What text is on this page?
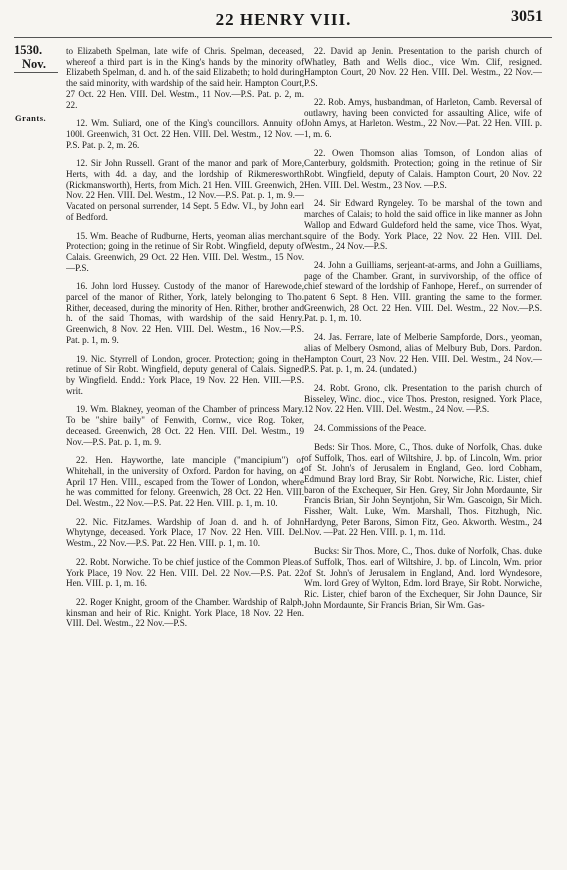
22 HENRY VIII.	3051
1530.
Nov.
Grants.

to Elizabeth Spelman, late wife of Chris. Spelman, deceased, whereof a third part is in the King's hands by the minority of Elizabeth Spelman, d. and h. of the said Elizabeth; to hold during the said minority, with wardship of the said heir. Hampton Court, 27 Oct. 22 Hen. VIII. Del. Westm., 11 Nov.—P.S. Pat. p. 2, m. 22.

12. Wm. Suliard, one of the King's councillors. Annuity of 100l. Greenwich, 31 Oct. 22 Hen. VIII. Del. Westm., 12 Nov. —P.S. Pat. p. 2, m. 26.

12. Sir John Russell. Grant of the manor and park of More, Herts, with 4d. a day, and the lordship of Rikmeresworth (Rickmansworth), Herts, from Mich. 21 Hen. VIII. Greenwich, 2 Nov. 22 Hen. VIII. Del. Westm., 12 Nov.—P.S. Pat. p. 1, m. 9.—Vacated on personal surrender, 14 Sept. 5 Edw. VI., by John earl of Bedford.

15. Wm. Beache of Rudburne, Herts, yeoman alias merchant. Protection; going in the retinue of Sir Robt. Wingfield, deputy of Calais. Greenwich, 29 Oct. 22 Hen. VIII. Del. Westm., 15 Nov.—P.S.

16. John lord Hussey. Custody of the manor of Harewode, parcel of the manor of Rither, York, lately belonging to Tho. Rither, deceased, during the minority of Hen. Rither, brother and h. of the said Thomas, with wardship of the said Henry. Greenwich, 8 Nov. 22 Hen. VIII. Del. Westm., 16 Nov.—P.S. Pat. p. 1, m. 9.

19. Nic. Styrrell of London, grocer. Protection; going in the retinue of Sir Robt. Wingfield, deputy general of Calais. Signed by Wingfield. Endd.: York Place, 19 Nov. 22 Hen. VIII.—P.S. writ.

19. Wm. Blakney, yeoman of the Chamber of princess Mary. To be "shire baily" of Fenwith, Cornw., vice Rog. Toker, deceased. Greenwich, 28 Oct. 22 Hen. VIII. Del. Westm., 19 Nov.—P.S. Pat. p. 1, m. 9.

22. Hen. Hayworthe, late manciple ("mancipium") of Whitehall, in the university of Oxford. Pardon for having, on 4 April 17 Hen. VIII., escaped from the Tower of London, where he was committed for felony. Greenwich, 28 Oct. 22 Hen. VIII. Del. Westm., 22 Nov.—P.S. Pat. 22 Hen. VIII. p. 1, m. 10.

22. Nic. FitzJames. Wardship of Joan d. and h. of John Whytynge, deceased. York Place, 17 Nov. 22 Hen. VIII. Del. Westm., 22 Nov.—P.S. Pat. 22 Hen. VIII. p. 1, m. 10.

22. Robt. Norwiche. To be chief justice of the Common Pleas. York Place, 19 Nov. 22 Hen. VIII. Del. 22 Nov.—P.S. Pat. 22 Hen. VIII. p. 1, m. 16.

22. Roger Knight, groom of the Chamber. Wardship of Ralph, kinsman and heir of Ric. Knight. York Place, 18 Nov. 22 Hen. VIII. Del. Westm., 22 Nov.—P.S.

22. David ap Jenin. Presentation to the parish church of Whatley, Bath and Wells dioc., vice Wm. Clif, resigned. Hampton Court, 20 Nov. 22 Hen. VIII. Del. Westm., 22 Nov.—P.S.

22. Rob. Amys, husbandman, of Harleton, Camb. Reversal of outlawry, having been convicted for assaulting Alice, wife of John Amys, at Harleton. Westm., 22 Nov.—Pat. 22 Hen. VIII. p. 1, m. 6.

22. Owen Thomson alias Tomson, of London alias of Canterbury, goldsmith. Protection; going in the retinue of Sir Robt. Wingfield, deputy of Calais. Hampton Court, 20 Nov. 22 Hen. VIII. Del. Westm., 23 Nov. —P.S.

24. Sir Edward Ryngeley. To be marshal of the town and marches of Calais; to hold the said office in like manner as John Wallop and Edward Guldeford held the same, vice Thos. Wyat, squire of the Body. York Place, 22 Nov. 22 Hen. VIII. Del. Westm., 24 Nov.—P.S.

24. John a Guilliams, serjeant-at-arms, and John a Guilliams, page of the Chamber. Grant, in survivorship, of the office of chief steward of the lordship of Fanhope, Heref., on surrender of patent 6 Sept. 8 Hen. VIII. granting the same to the former. Greenwich, 28 Oct. 22 Hen. VIII. Del. Westm., 22 Nov.—P.S. Pat. p. 1, m. 10.

24. Jas. Ferrare, late of Melberie Sampforde, Dors., yeoman, alias of Melbery Osmond, alias of Melbury Bub, Dors. Pardon. Hampton Court, 23 Nov. 22 Hen. VIII. Del. Westm., 24 Nov.—P.S. Pat. p. 1, m. 24. (undated.)

24. Robt. Grono, clk. Presentation to the parish church of Bisseley, Winc. dioc., vice Thos. Preston, resigned. York Place, 12 Nov. 22 Hen. VIII. Del. Westm., 24 Nov. —P.S.

24. Commissions of the Peace.

Beds: Sir Thos. More, C., Thos. duke of Norfolk, Chas. duke of Suffolk, Thos. earl of Wiltshire, J. bp. of Lincoln, Wm. prior of St. John's of Jerusalem in England, Geo. lord Cobham, Edmund Bray lord Bray, Sir Robt. Norwiche, Ric. Lister, chief baron of the Exchequer, Sir Hen. Grey, Sir John Mordaunte, Sir Francis Brian, Sir John Seyntjohn, Sir Wm. Gascoign, Sir Mich. Fissher, Walt. Luke, Wm. Marshall, Thos. Fitzhugh, Nic. Hardyng, Peter Barons, Simon Fitz, Geo. Akworth. Westm., 24 Nov. —Pat. 22 Hen. VIII. p. 1, m. 11d.

Bucks: Sir Thos. More, C., Thos. duke of Norfolk, Chas. duke of Suffolk, Thos. earl of Wiltshire, J. bp. of Lincoln, Wm. prior of St. John's of Jerusalem in England, And. lord Wyndesore, Wm. lord Grey of Wylton, Edm. lord Braye, Sir Robt. Norwiche, Ric. Lister, chief baron of the Exchequer, Sir John Daunce, Sir John Mordaunte, Sir Francis Brian, Sir Wm. Gas-
